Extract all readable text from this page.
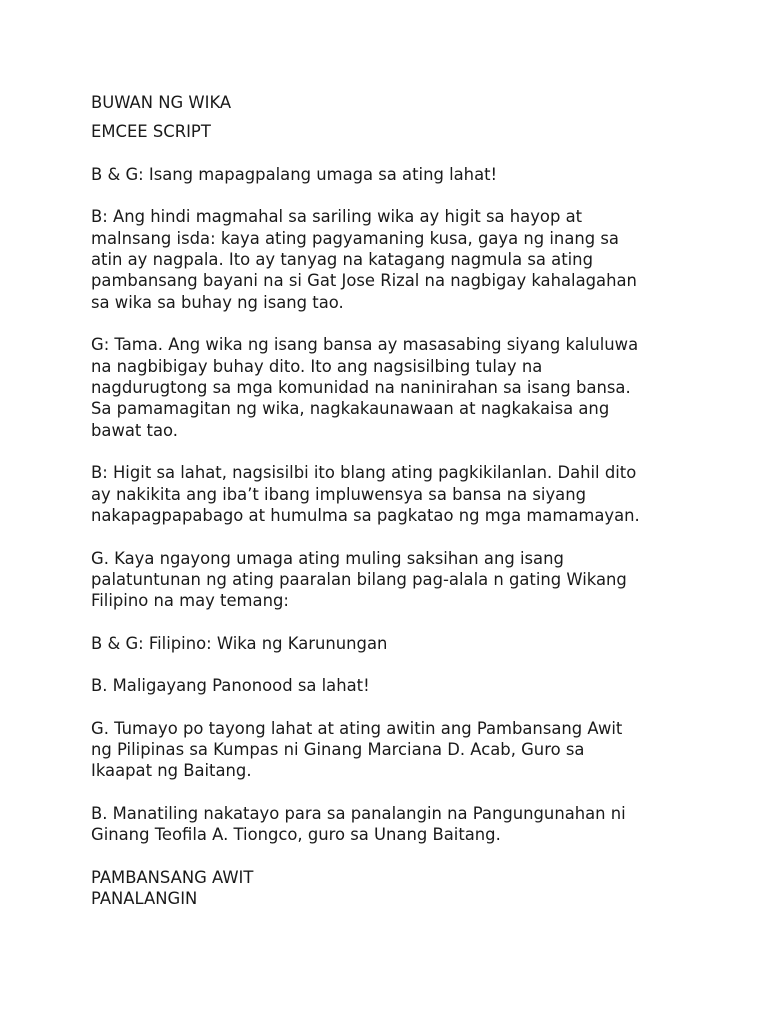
BUWAN NG WIKA

EMCEE SCRIPT

B & G: Isang mapagpalang umaga sa ating lahat!

B: Ang hindi magmahal sa sariling wika ay higit sa hayop at
malnsang isda: kaya ating pagyamaning kusa, gaya ng inang sa
atin ay nagpala. Ito ay tanyag na katagang nagmula sa ating
pambansang bayani na si Gat Jose Rizal na nagbigay kahalagahan
sa wika sa buhay ng isang tao.

G: Tama. Ang wika ng isang bansa ay masasabing siyang kaluluwa
na nagbibigay buhay dito. Ito ang nagsisilbing tulay na
nagdurugtong sa mga komunidad na naninirahan sa isang bansa.
Sa pamamagitan ng wika, nagkakaunawaan at nagkakaisa ang
bawat tao.

B: Higit sa lahat, nagsisilbi ito blang ating pagkikilanlan. Dahil dito
ay nakikita ang iba’t ibang impluwensya sa bansa na siyang
nakapagpapabago at humulma sa pagkatao ng mga mamamayan.

G. Kaya ngayong umaga ating muling saksihan ang isang
palatuntunan ng ating paaralan bilang pag-alala n gating Wikang
Filipino na may temang:

B & G: Filipino: Wika ng Karunungan

B. Maligayang Panonood sa lahat!

G. Tumayo po tayong lahat at ating awitin ang Pambansang Awit
ng Pilipinas sa Kumpas ni Ginang Marciana D. Acab, Guro sa
Ikaapat ng Baitang.

B. Manatiling nakatayo para sa panalangin na Pangungunahan ni
Ginang Teofila A. Tiongco, guro sa Unang Baitang.

PAMBANSANG AWIT

PANALANGIN
